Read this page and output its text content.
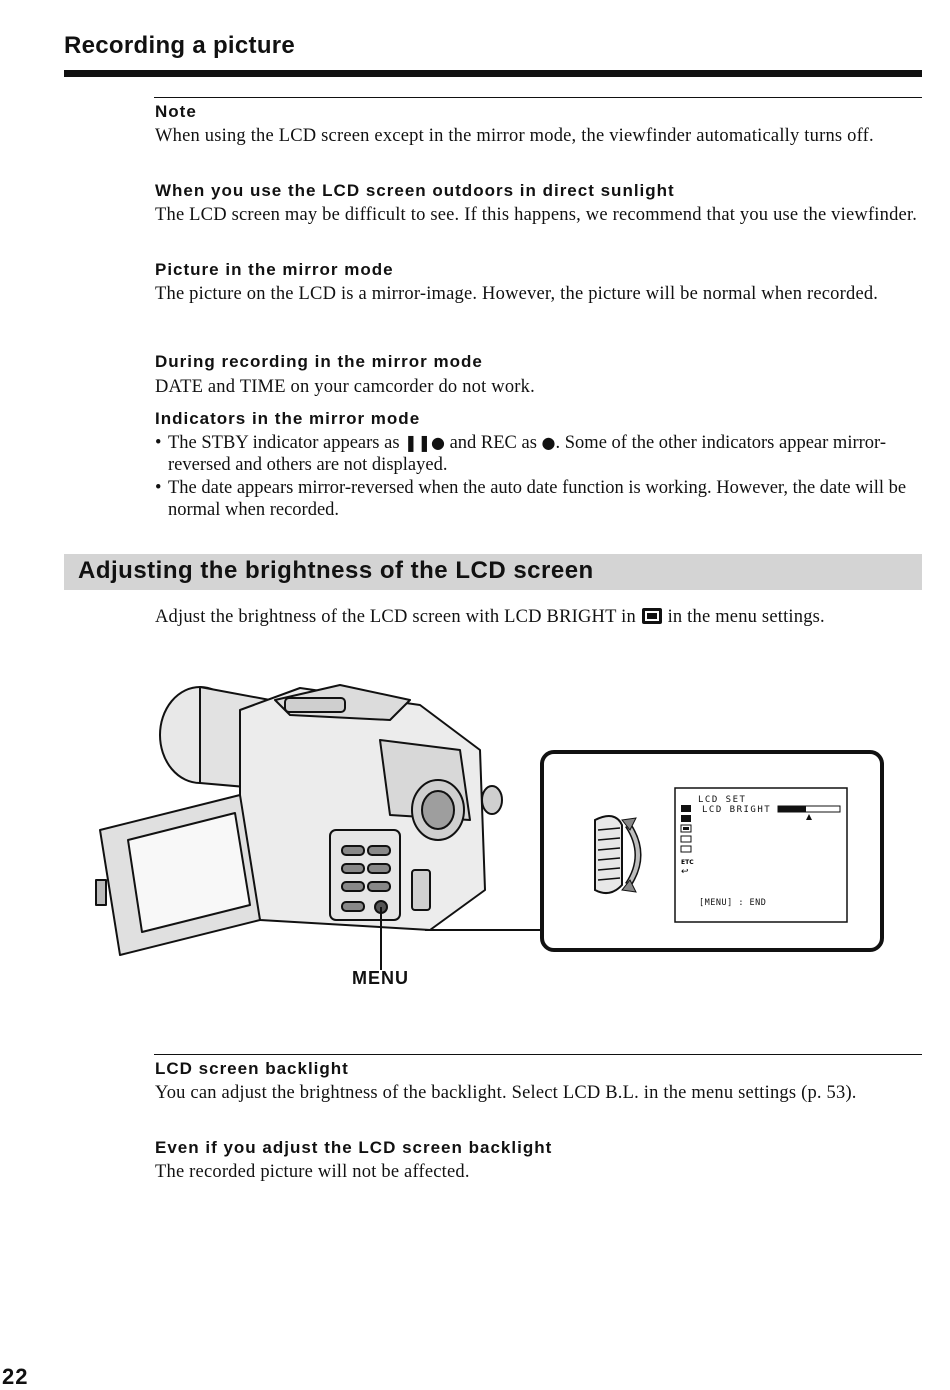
Recording a picture
Note
When using the LCD screen except in the mirror mode, the viewfinder automatically turns off.
When you use the LCD screen outdoors in direct sunlight
The LCD screen may be difficult to see. If this happens, we recommend that you use the viewfinder.
Picture in the mirror mode
The picture on the LCD is a mirror-image. However, the picture will be normal when recorded.
During recording in the mirror mode
DATE and TIME on your camcorder do not work.
Indicators in the mirror mode
• The STBY indicator appears as ❚❚● and REC as ●. Some of the other indicators appear mirror-reversed and others are not displayed.
• The date appears mirror-reversed when the auto date function is working. However, the date will be normal when recorded.
Adjusting the brightness of the LCD screen
Adjust the brightness of the LCD screen with LCD BRIGHT in in the menu settings.
MENU
LCD SET
LCD BRIGHT
ETC
↩
[MENU] : END
LCD screen backlight
You can adjust the brightness of the backlight. Select LCD B.L. in the menu settings (p. 53).
Even if you adjust the LCD screen backlight
The recorded picture will not be affected.
22
